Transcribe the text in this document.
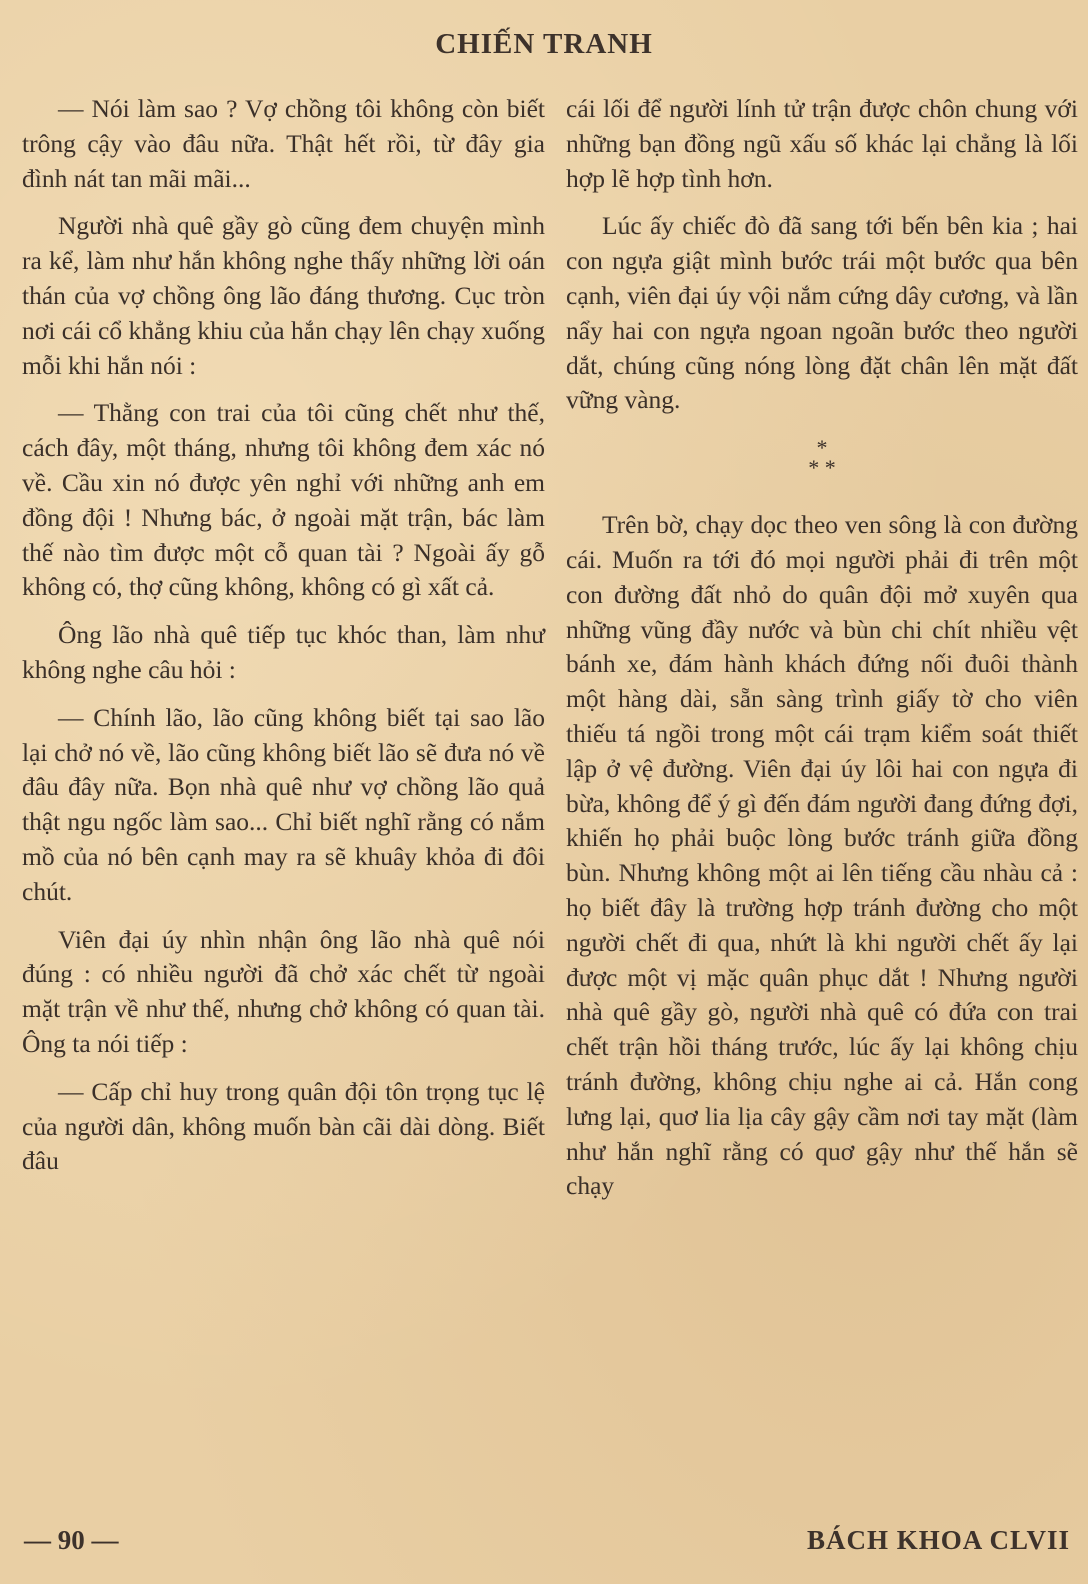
CHIẾN TRANH

— Nói làm sao ? Vợ chồng tôi không còn biết trông cậy vào đâu nữa. Thật hết rồi, từ đây gia đình nát tan mãi mãi...

Người nhà quê gầy gò cũng đem chuyện mình ra kể, làm như hắn không nghe thấy những lời oán thán của vợ chồng ông lão đáng thương. Cục tròn nơi cái cổ khẳng khiu của hắn chạy lên chạy xuống mỗi khi hắn nói :

— Thằng con trai của tôi cũng chết như thế, cách đây, một tháng, nhưng tôi không đem xác nó về. Cầu xin nó được yên nghỉ với những anh em đồng đội ! Nhưng bác, ở ngoài mặt trận, bác làm thế nào tìm được một cỗ quan tài ? Ngoài ấy gỗ không có, thợ cũng không, không có gì xất cả.

Ông lão nhà quê tiếp tục khóc than, làm như không nghe câu hỏi :

— Chính lão, lão cũng không biết tại sao lão lại chở nó về, lão cũng không biết lão sẽ đưa nó về đâu đây nữa. Bọn nhà quê như vợ chồng lão quả thật ngu ngốc làm sao... Chỉ biết nghĩ rằng có nắm mồ của nó bên cạnh may ra sẽ khuây khỏa đi đôi chút.

Viên đại úy nhìn nhận ông lão nhà quê nói đúng : có nhiều người đã chở xác chết từ ngoài mặt trận về như thế, nhưng chở không có quan tài. Ông ta nói tiếp :

— Cấp chỉ huy trong quân đội tôn trọng tục lệ của người dân, không muốn bàn cãi dài dòng. Biết đâu

cái lối để người lính tử trận được chôn chung với những bạn đồng ngũ xấu số khác lại chẳng là lối hợp lẽ hợp tình hơn.

Lúc ấy chiếc đò đã sang tới bến bên kia ; hai con ngựa giật mình bước trái một bước qua bên cạnh, viên đại úy vội nắm cứng dây cương, và lần nẩy hai con ngựa ngoan ngoãn bước theo người dắt, chúng cũng nóng lòng đặt chân lên mặt đất vững vàng.

*
* *

Trên bờ, chạy dọc theo ven sông là con đường cái. Muốn ra tới đó mọi người phải đi trên một con đường đất nhỏ do quân đội mở xuyên qua những vũng đầy nước và bùn chi chít nhiều vệt bánh xe, đám hành khách đứng nối đuôi thành một hàng dài, sẵn sàng trình giấy tờ cho viên thiếu tá ngồi trong một cái trạm kiểm soát thiết lập ở vệ đường. Viên đại úy lôi hai con ngựa đi bừa, không để ý gì đến đám người đang đứng đợi, khiến họ phải buộc lòng bước tránh giữa đồng bùn. Nhưng không một ai lên tiếng cầu nhàu cả : họ biết đây là trường hợp tránh đường cho một người chết đi qua, nhứt là khi người chết ấy lại được một vị mặc quân phục dắt ! Nhưng người nhà quê gầy gò, người nhà quê có đứa con trai chết trận hồi tháng trước, lúc ấy lại không chịu tránh đường, không chịu nghe ai cả. Hắn cong lưng lại, quơ lia lịa cây gậy cầm nơi tay mặt (làm như hắn nghĩ rằng có quơ gậy như thế hắn sẽ chạy

— 90 —	BÁCH KHOA CLVII
